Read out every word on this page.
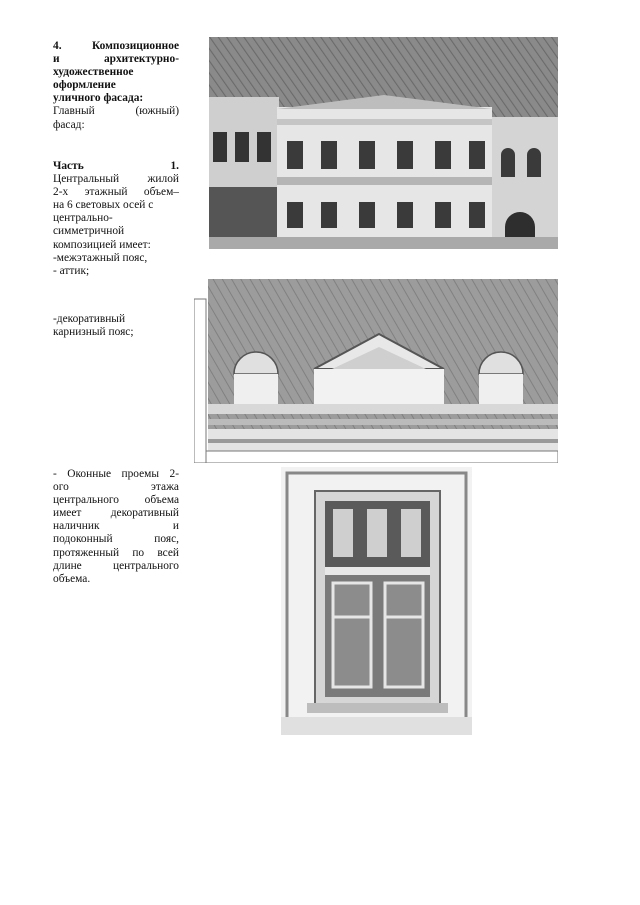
4. Композиционное
и архитектурно-
художественное
оформление
уличного фасада:
Главный (южный)
фасад:
Часть	1.
Центральный жилой
2-х этажный объем–
на 6 световых осей с
центрально-
симметричной
композицией имеет:
-межэтажный пояс,
- аттик;
-декоративный
карнизный пояс;
- Оконные проемы 2-
ого этажа
центрального объема
имеет декоративный
наличник и
подоконный пояс,
протяженный по всей
длине центрального
объема.
